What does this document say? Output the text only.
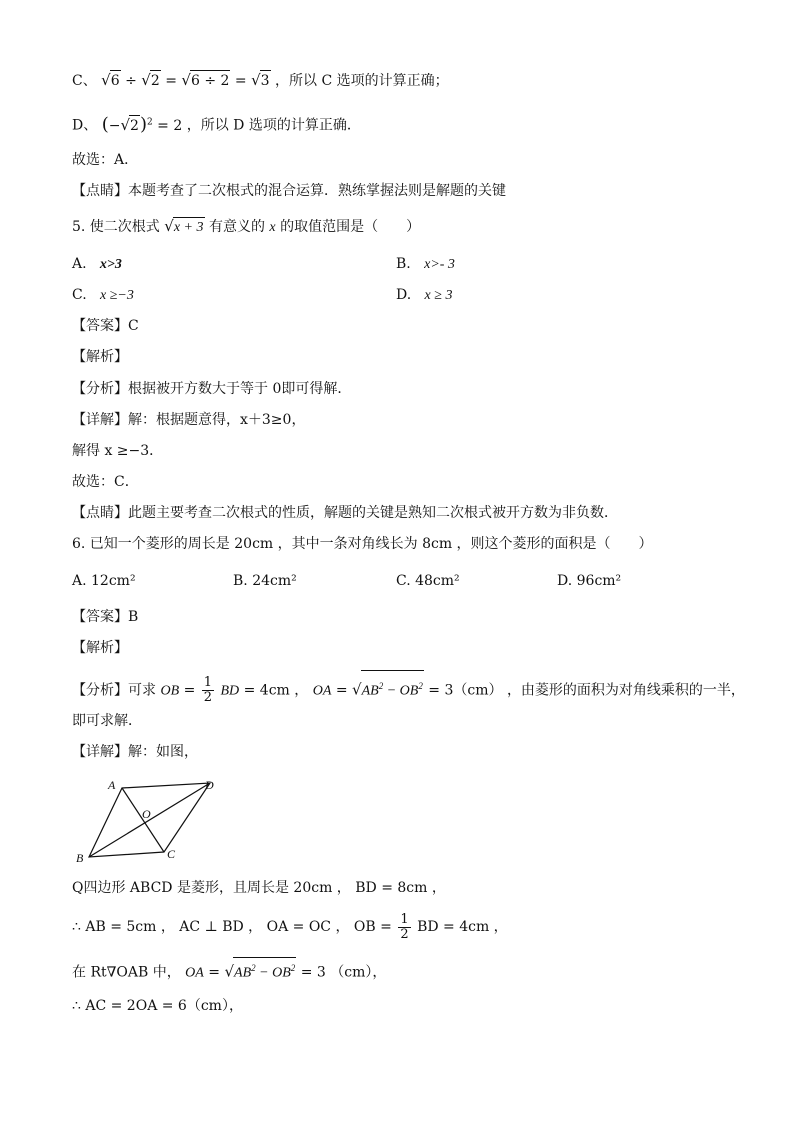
C、 √6 ÷ √2 = √6 ÷ 2 = √3 ，所以 C 选项的计算正确；
D、 $(-√2)^2 = 2$ ，所以 D 选项的计算正确．
故选：A．
【点睛】本题考查了二次根式的混合运算．熟练掌握法则是解题的关键
5. 使二次根式 √x + 3 有意义的 x 的取值范围是（　　）
A. x>3	B. x>- 3
C. x ≥−3	D. x ≥ 3
【答案】C
【解析】
【分析】根据被开方数大于等于 0即可得解．
【详解】解：根据题意得，x＋3≥0，
解得 x ≥−3．
故选：C．
【点睛】此题主要考查二次根式的性质，解题的关键是熟知二次根式被开方数为非负数．
6. 已知一个菱形的周长是 20cm ，其中一条对角线长为 8cm ，则这个菱形的面积是（　　）
A. 12cm²	B. 24cm²	C. 48cm²	D. 96cm²
【答案】B
【解析】
【分析】可求 OB = $\frac{1}{2}$ BD = 4cm ， OA = $√AB^2 - OB^2 = 3(cm)$ ，由菱形的面积为对角线乘积的一半，
即可求解．
【详解】解：如图，
A
B	C
D
O
Q四边形 ABCD 是菱形，且周长是 20cm ， BD = 8cm ，
∴ AB = 5cm ， AC ⊥ BD ， OA = OC ， OB = $\frac{1}{2}$ BD = 4cm ，
在 Rt∇OAB 中， OA = $√AB^2 - OB^2 = 3$ （cm），
∴ AC = 2OA = 6（cm），
